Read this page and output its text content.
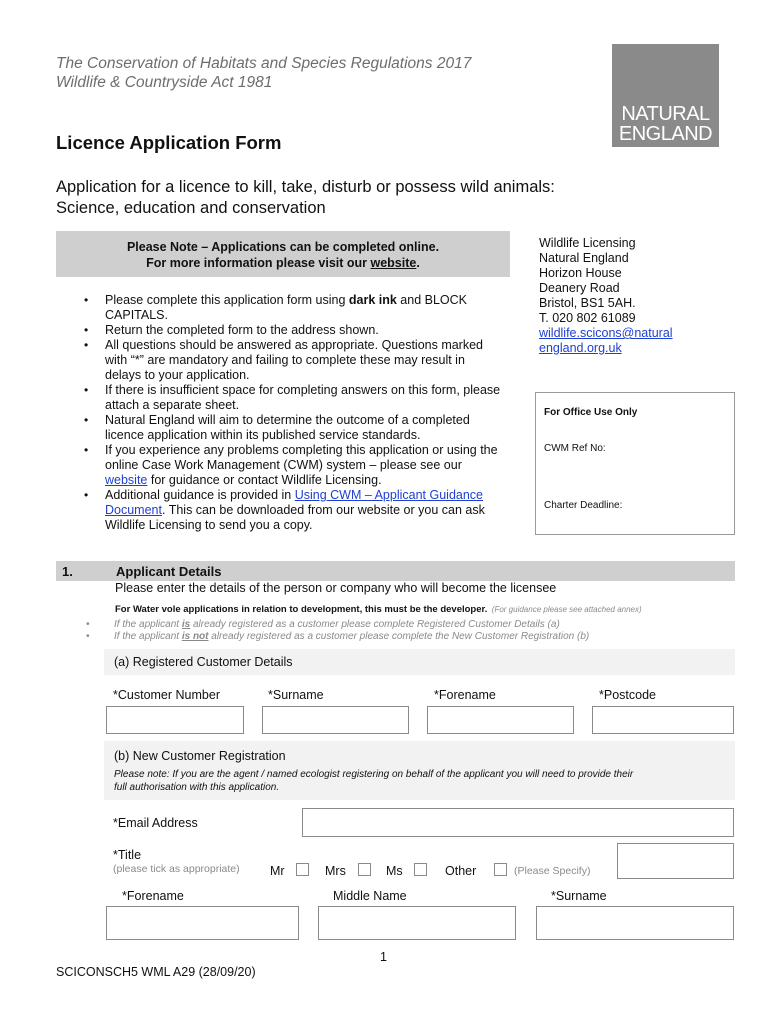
The Conservation of Habitats and Species Regulations 2017
Wildlife & Countryside Act 1981
NATURAL
ENGLAND
Licence Application Form
Application for a licence to kill, take, disturb or possess wild animals:
Science, education and conservation
Please Note – Applications can be completed online.
For more information please visit our website.
• Please complete this application form using dark ink and BLOCK CAPITALS.
• Return the completed form to the address shown.
• All questions should be answered as appropriate. Questions marked with “*” are mandatory and failing to complete these may result in delays to your application.
• If there is insufficient space for completing answers on this form, please attach a separate sheet.
• Natural England will aim to determine the outcome of a completed licence application within its published service standards.
• If you experience any problems completing this application or using the online Case Work Management (CWM) system – please see our website for guidance or contact Wildlife Licensing.
• Additional guidance is provided in Using CWM – Applicant Guidance Document. This can be downloaded from our website or you can ask Wildlife Licensing to send you a copy.
Wildlife Licensing
Natural England
Horizon House
Deanery Road
Bristol, BS1 5AH.
T. 020 802 61089
wildlife.scicons@natural
england.org.uk
For Office Use Only
CWM Ref No:
Charter Deadline:
1.	Applicant Details
Please enter the details of the person or company who will become the licensee
For Water vole applications in relation to development, this must be the developer. (For guidance please see attached annex)
• If the applicant is already registered as a customer please complete Registered Customer Details (a)
• If the applicant is not already registered as a customer please complete the New Customer Registration (b)
(a) Registered Customer Details
*Customer Number	*Surname	*Forename	*Postcode
(b) New Customer Registration
Please note: If you are the agent / named ecologist registering on behalf of the applicant you will need to provide their
full authorisation with this application.
*Email Address
*Title
(please tick as appropriate) Mr	Mrs	Ms	Other	(Please Specify)
*Forename	Middle Name	*Surname
1
SCICONSCH5 WML A29 (28/09/20)
